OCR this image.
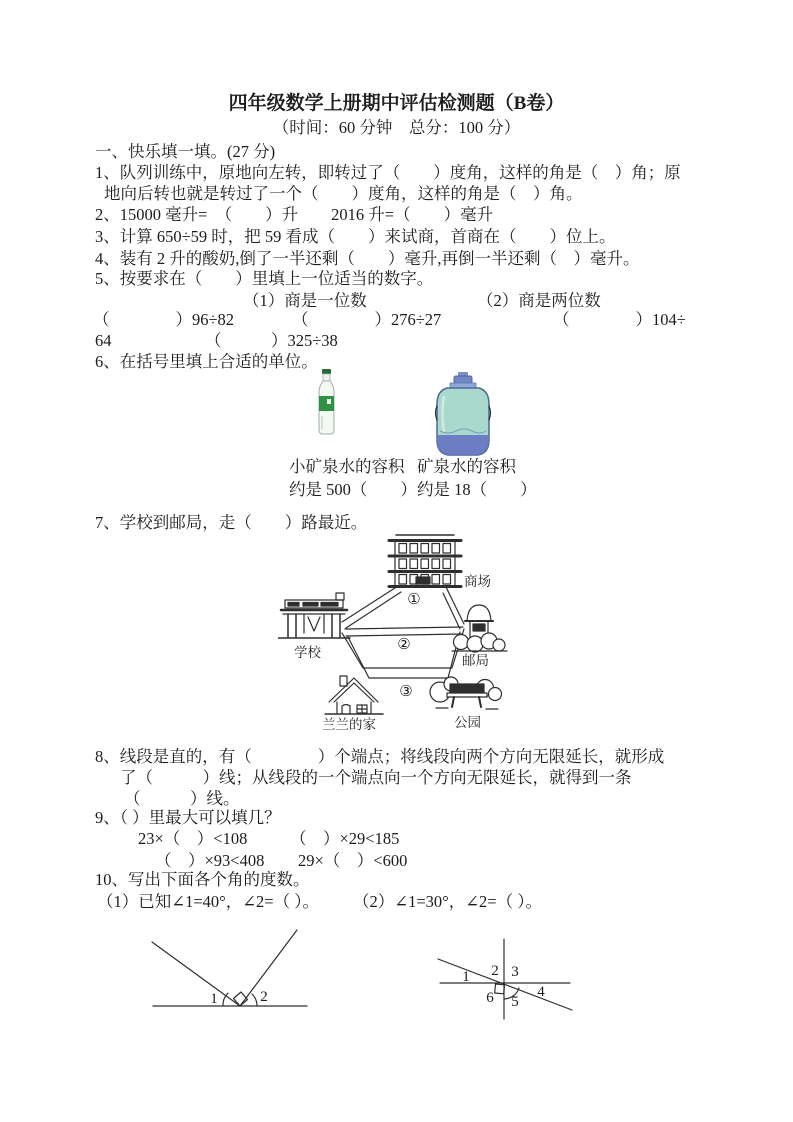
四年级数学上册期中评估检测题（B卷）
（时间：60 分钟　总分：100 分）
一、快乐填一填。(27 分)
1、队列训练中，原地向左转，即转过了（　　）度角，这样的角是（　）角；原
地向后转也就是转过了一个（　　）度角，这样的角是（　）角。
2、15000 毫升=　（　　）升　　2016 升=（　　）毫升
3、计算 650÷59 时，把 59 看成（　　）来试商，首商在（　　）位上。
4、装有 2 升的酸奶,倒了一半还剩（　　）毫升,再倒一半还剩（　）毫升。
5、按要求在（　　）里填上一位适当的数字。
（1）商是一位数	（2）商是两位数
（　　　　）96÷82	（　　　　）276÷27	（　　　　）104÷
64	（　　　）325÷38
6、在括号里填上合适的单位。
小矿泉水的容积
约是 500（　　）
矿泉水的容积
约是 18（　　）
7、学校到邮局，走（　　）路最近。
商场
学校
邮局
兰兰的家	公园
①
②
③
8、线段是直的，有（　　　　）个端点；将线段向两个方向无限延长，就形成
了（　　　）线；从线段的一个端点向一个方向无限延长，就得到一条
（　　　）线。
9、（ ）里最大可以填几？
23×（　）<108	（　）×29<185
（　）×93<408 29×（　）<600
10、写出下面各个角的度数。
（1）已知∠1=40°，∠2=（ ）。 （2）∠1=30°，∠2=（ ）。
1	2
1 2 3
4
5
6
